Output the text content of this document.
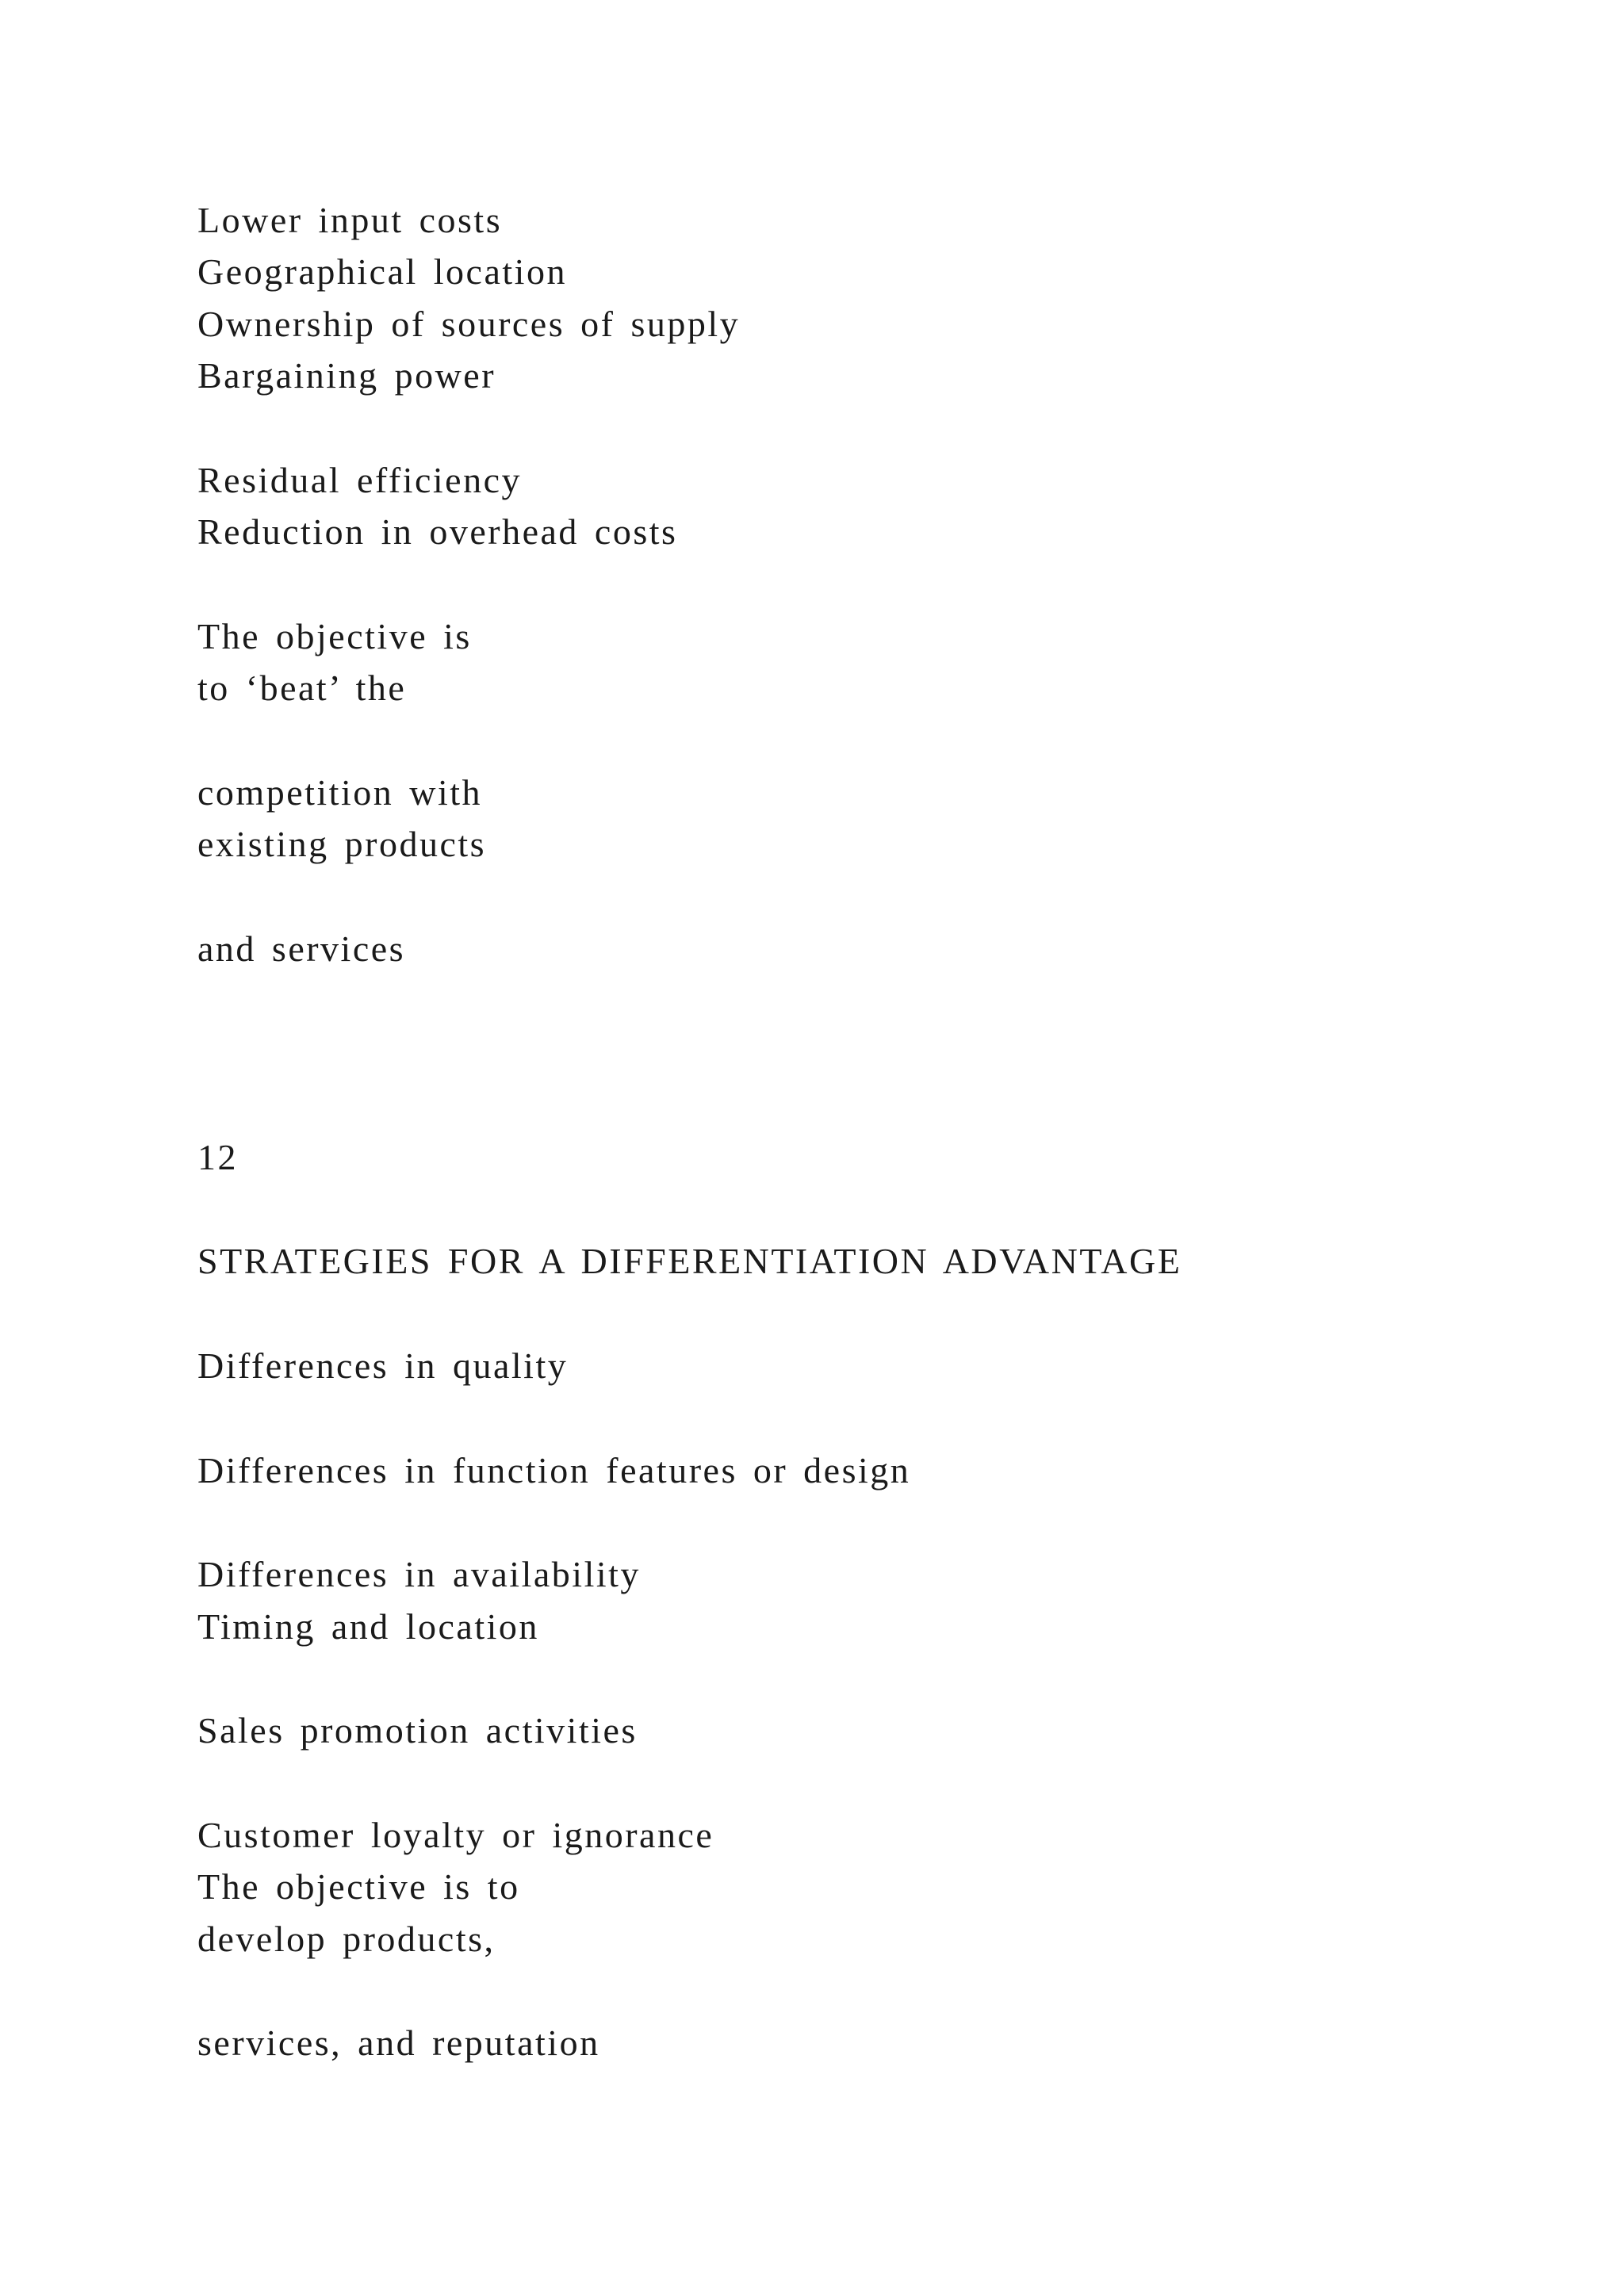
Lower input costs

Geographical location

Ownership of sources of supply

Bargaining power

Residual efficiency

Reduction in overhead costs

The objective is

to ‘beat’ the

competition with

existing products

and services

12

STRATEGIES FOR A DIFFERENTIATION ADVANTAGE

Differences in quality

Differences in function features or design

Differences in availability

Timing and location

Sales promotion activities

Customer loyalty or ignorance

The objective is to

develop products,

services, and reputation
